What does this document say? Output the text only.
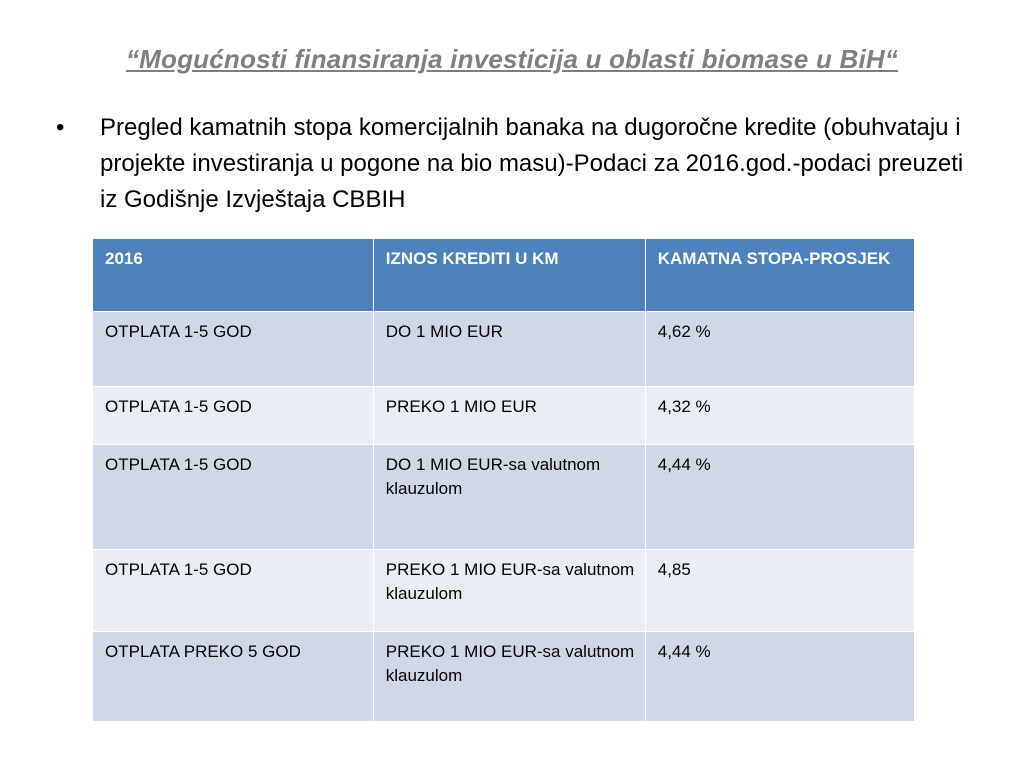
“Mogućnosti finansiranja investicija u oblasti biomase u BiH“
•	Pregled kamatnih stopa komercijalnih banaka na dugoročne kredite (obuhvataju i projekte investiranja u pogone na bio masu)-Podaci za 2016.god.-podaci preuzeti iz Godišnje Izvještaja CBBIH
2016	IZNOS KREDITI U KM	KAMATNA STOPA-PROSJEK
OTPLATA 1-5 GOD	DO 1 MIO EUR	4,62 %
OTPLATA 1-5 GOD	PREKO 1 MIO EUR	4,32 %
OTPLATA 1-5 GOD	DO 1 MIO EUR-sa valutnom klauzulom	4,44 %
OTPLATA 1-5 GOD	PREKO 1 MIO EUR-sa valutnom klauzulom	4,85
OTPLATA PREKO 5 GOD	PREKO 1 MIO EUR-sa valutnom klauzulom	4,44 %
